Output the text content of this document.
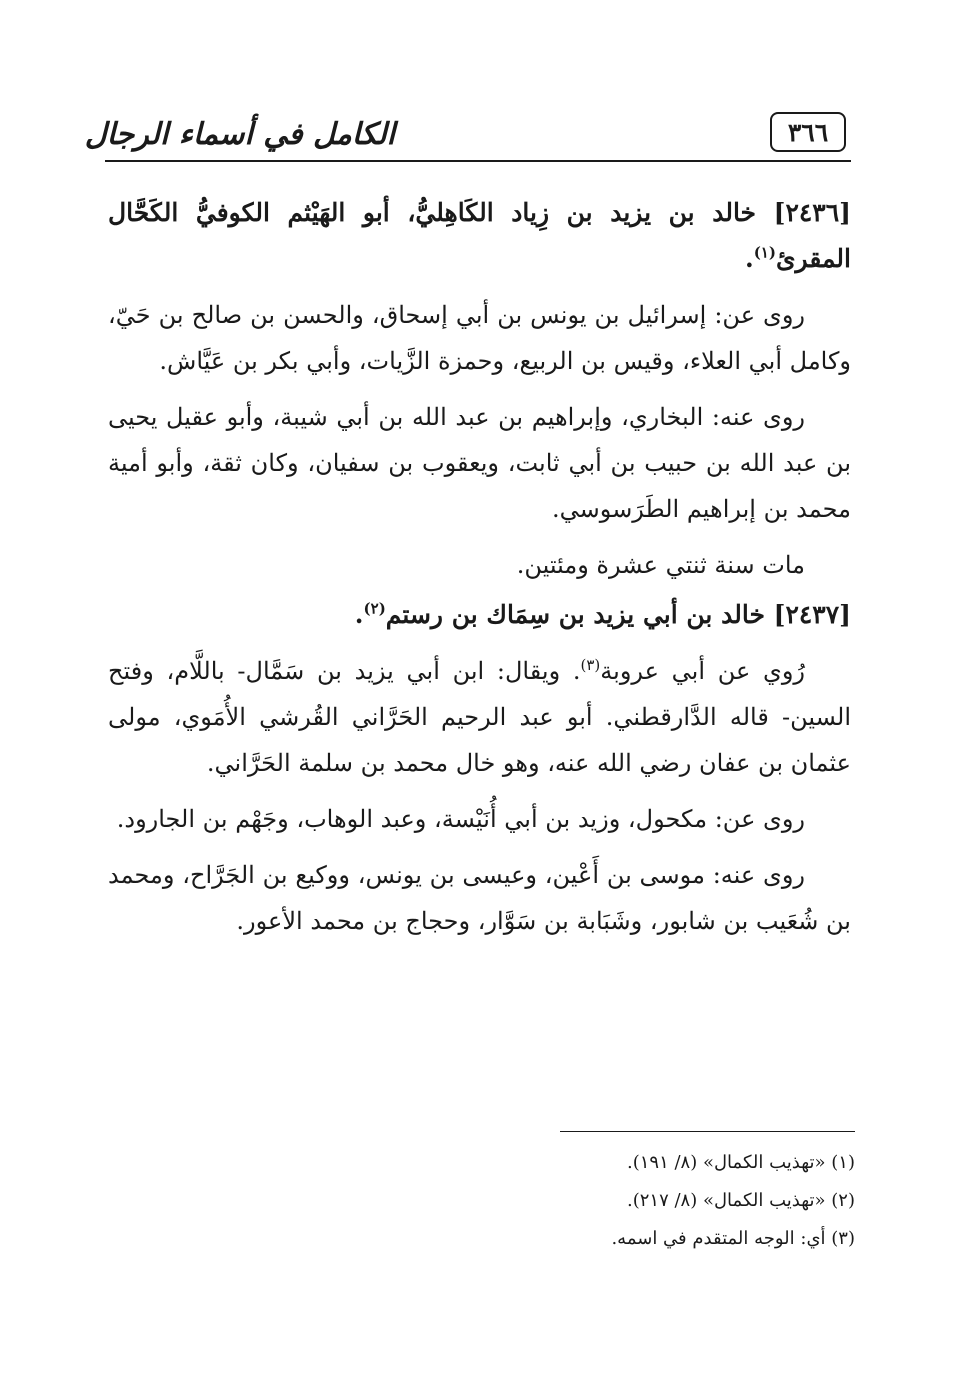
٣٦٦
الكامل في أسماء الرجال

[٢٤٣٦] خالد بن يزيد بن زِياد الكَاهِليُّ، أبو الهَيْثم الكوفيُّ الكَحَّال المقرئ$^{(١)}$.

روى عن: إسرائيل بن يونس بن أبي إسحاق، والحسن بن صالح بن حَيّ، وكامل أبي العلاء، وقيس بن الربيع، وحمزة الزَّيات، وأبي بكر بن عَيَّاش.

روى عنه: البخاري، وإبراهيم بن عبد الله بن أبي شيبة، وأبو عقيل يحيى بن عبد الله بن حبيب بن أبي ثابت، ويعقوب بن سفيان، وكان ثقة، وأبو أمية محمد بن إبراهيم الطَرَسوسي.

مات سنة ثنتي عشرة ومئتين.

[٢٤٣٧] خالد بن أبي يزيد بن سِمَاك بن رستم$^{(٢)}$.

رُوي عن أبي عروبة$^{(٣)}$. ويقال: ابن أبي يزيد بن سَمَّال- باللَّام، وفتح السين- قاله الدَّارقطني. أبو عبد الرحيم الحَرَّاني القُرشي الأُمَوي، مولى عثمان بن عفان رضي الله عنه، وهو خال محمد بن سلمة الحَرَّاني.

روى عن: مكحول، وزيد بن أبي أُنَيْسة، وعبد الوهاب، وجَهْم بن الجارود.

روى عنه: موسى بن أَعْين، وعيسى بن يونس، ووكيع بن الجَرَّاح، ومحمد بن شُعَيب بن شابور، وشَبَابة بن سَوَّار، وحجاج بن محمد الأعور.

(١) «تهذيب الكمال» (٨/ ١٩١).

(٢) «تهذيب الكمال» (٨/ ٢١٧).

(٣) أي: الوجه المتقدم في اسمه.
